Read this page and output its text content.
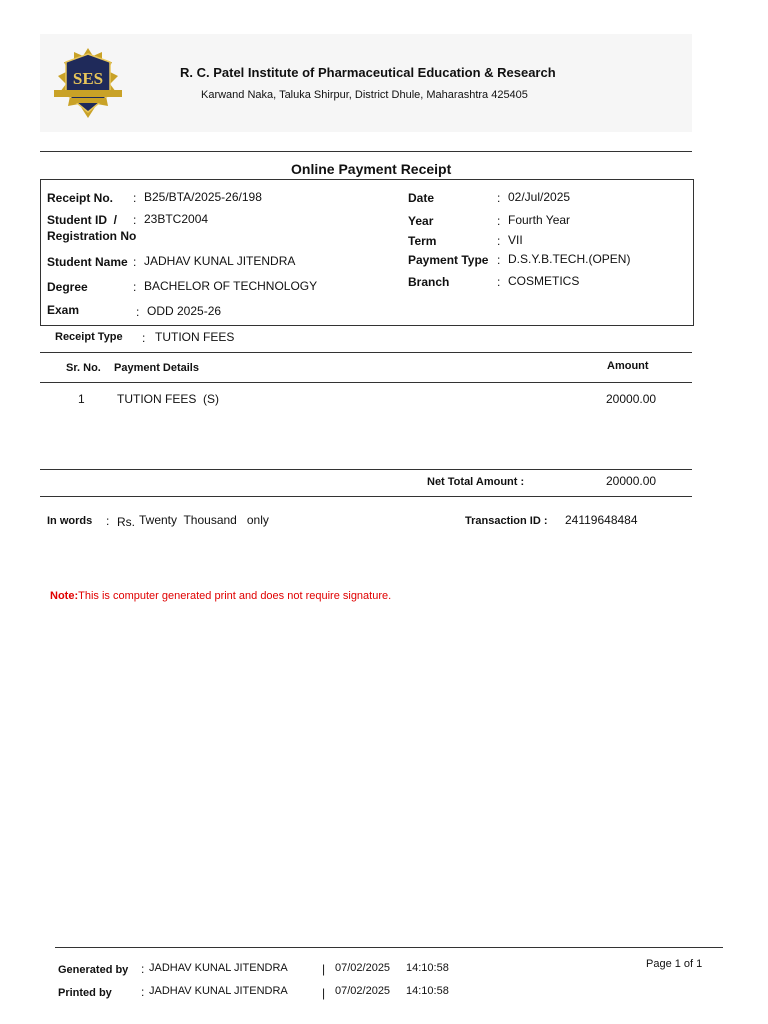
SES	R. C. Patel Institute of Pharmaceutical Education & Research
Karwand Naka, Taluka Shirpur, District Dhule, Maharashtra 425405
Online Payment Receipt
Receipt No. : B25/BTA/2025-26/198
Student ID  / :
Registration No
23BTC2004
Student Name : JADHAV KUNAL JITENDRA
Degree	: BACHELOR OF TECHNOLOGY
Exam	: ODD 2025-26
Date	: 02/Jul/2025
Year	: Fourth Year
Term	: VII
Payment Type : D.S.Y.B.TECH.(OPEN)
Branch	: COSMETICS
Receipt Type : TUTION FEES
Sr. No. Payment Details	Amount
1	TUTION FEES  (S)	20000.00
Net Total Amount :	20000.00
In words : Rs. Twenty  Thousand   only	Transaction ID : 24119648484
Note:This is computer generated print and does not require signature.
Generated by : JADHAV KUNAL JITENDRA	| 07/02/2025 14:10:58	Page 1 of 1
Printed by : JADHAV KUNAL JITENDRA	| 07/02/2025 14:10:58
